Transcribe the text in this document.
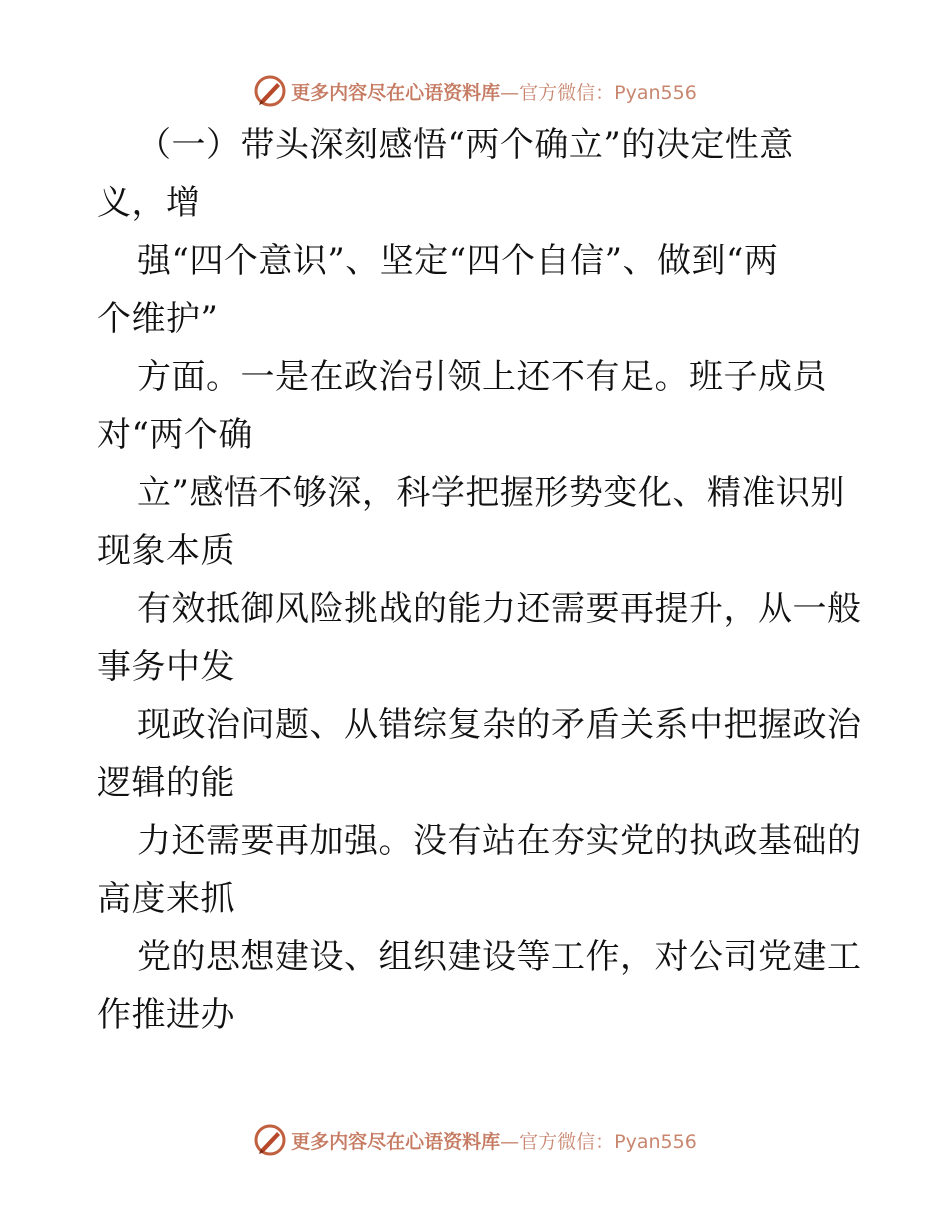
更多内容尽在心语资料库—官方微信：Pyan556
（一）带头深刻感悟“两个确立”的决定性意
义，增
强“四个意识”、坚定“四个自信”、做到“两
个维护”
方面。一是在政治引领上还不有足。班子成员
对“两个确
立”感悟不够深，科学把握形势变化、精准识别
现象本质
有效抵御风险挑战的能力还需要再提升，从一般
事务中发
现政治问题、从错综复杂的矛盾关系中把握政治
逻辑的能
力还需要再加强。没有站在夯实党的执政基础的
高度来抓
党的思想建设、组织建设等工作，对公司党建工
作推进办
更多内容尽在心语资料库—官方微信：Pyan556
